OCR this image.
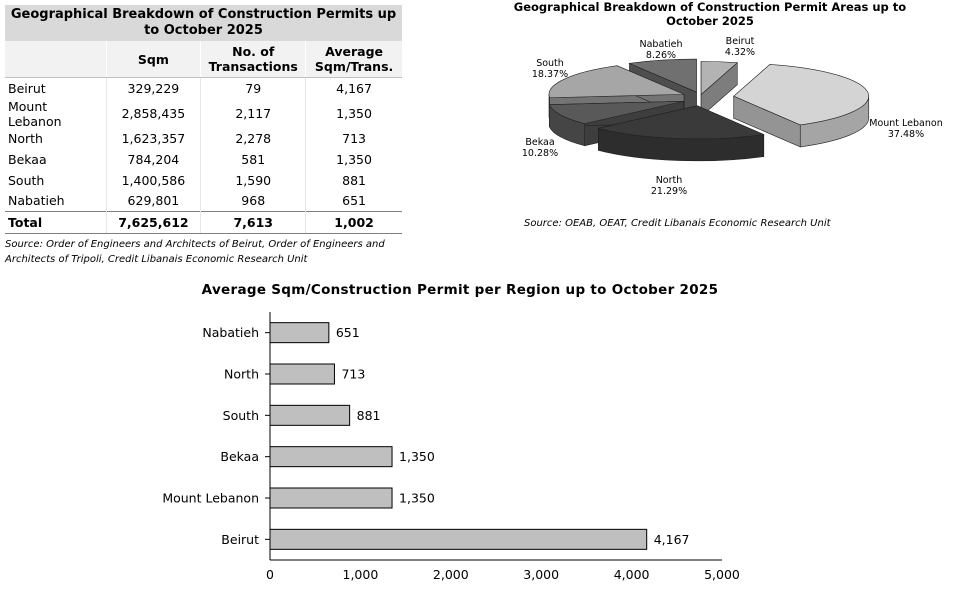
Geographical Breakdown of Construction Permits up to October 2025			
	Sqm	No. of Transactions	Average Sqm/Trans.
Beirut	329,229	79	4,167
Mount Lebanon	2,858,435	2,117	1,350
North	1,623,357	2,278	713
Bekaa	784,204	581	1,350
South	1,400,586	1,590	881
Nabatieh	629,801	968	651
Total	7,625,612	7,613	1,002
Source: Order of Engineers and Architects of Beirut, Order of Engineers and Architects of Tripoli, Credit Libanais Economic Research Unit
Geographical Breakdown of Construction Permit Areas up to October 2025
Beirut
4.32%
Mount Lebanon
37.48%
North
21.29%
Bekaa
10.28%
South
18.37%
Nabatieh
8.26%
Source: OEAB, OEAT, Credit Libanais Economic Research Unit
Average Sqm/Construction Permit per Region up to October 2025
Nabatieh	651
North	713
South	881
Bekaa	1,350
Mount Lebanon	1,350
Beirut	4,167
0	1,000	2,000	3,000	4,000	5,000
